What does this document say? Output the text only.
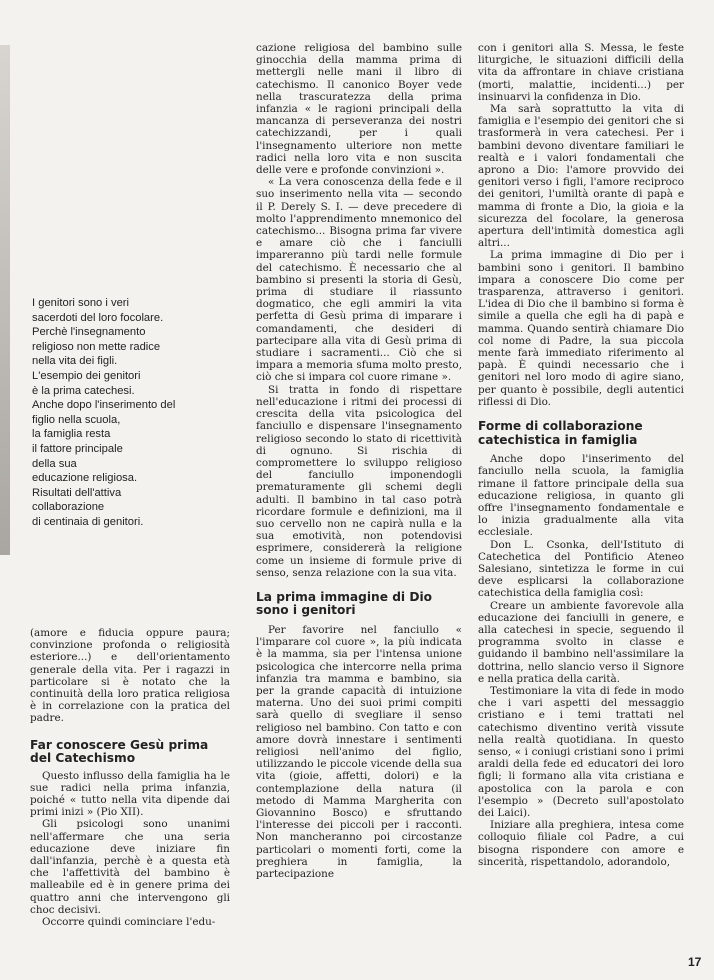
I genitori sono i veri
sacerdoti del loro focolare.
Perchè l'insegnamento
religioso non mette radice
nella vita dei figli.
L'esempio dei genitori
è la prima catechesi.
Anche dopo l'inserimento del
figlio nella scuola,
la famiglia resta
il fattore principale
della sua
educazione religiosa.
Risultati dell'attiva
collaborazione
di centinaia di genitori.

(amore e fiducia oppure paura; convinzione profonda o religiosità esteriore...) e dell'orientamento generale della vita. Per i ragazzi in particolare si è notato che la continuità della loro pratica religiosa è in correlazione con la pratica del padre.

Far conoscere Gesù prima del Catechismo

Questo influsso della famiglia ha le sue radici nella prima infanzia, poiché « tutto nella vita dipende dai primi inizi » (Pio XII).

Gli psicologi sono unanimi nell'affermare che una seria educazione deve iniziare fin dall'infanzia, perchè è a questa età che l'affettività del bambino è malleabile ed è in genere prima dei quattro anni che intervengono gli choc decisivi.

Occorre quindi cominciare l'edu-

cazione religiosa del bambino sulle ginocchia della mamma prima di mettergli nelle mani il libro di catechismo. Il canonico Boyer vede nella trascuratezza della prima infanzia « le ragioni principali della mancanza di perseveranza dei nostri catechizzandi, per i quali l'insegnamento ulteriore non mette radici nella loro vita e non suscita delle vere e profonde convinzioni ».

« La vera conoscenza della fede e il suo inserimento nella vita — secondo il P. Derely S. I. — deve precedere di molto l'apprendimento mnemonico del catechismo... Bisogna prima far vivere e amare ciò che i fanciulli impareranno più tardi nelle formule del catechismo. È necessario che al bambino si presenti la storia di Gesù, prima di studiare il riassunto dogmatico, che egli ammiri la vita perfetta di Gesù prima di imparare i comandamenti, che desideri di partecipare alla vita di Gesù prima di studiare i sacramenti... Ciò che si impara a memoria sfuma molto presto, ciò che si impara col cuore rimane ».

Si tratta in fondo di rispettare nell'educazione i ritmi dei processi di crescita della vita psicologica del fanciullo e dispensare l'insegnamento religioso secondo lo stato di ricettività di ognuno. Si rischia di compromettere lo sviluppo religioso del fanciullo imponendogli prematuramente gli schemi degli adulti. Il bambino in tal caso potrà ricordare formule e definizioni, ma il suo cervello non ne capirà nulla e la sua emotività, non potendovisi esprimere, considererà la religione come un insieme di formule prive di senso, senza relazione con la sua vita.

La prima immagine di Dio sono i genitori

Per favorire nel fanciullo « l'imparare col cuore », la più indicata è la mamma, sia per l'intensa unione psicologica che intercorre nella prima infanzia tra mamma e bambino, sia per la grande capacità di intuizione materna. Uno dei suoi primi compiti sarà quello di svegliare il senso religioso nel bambino. Con tatto e con amore dovrà innestare i sentimenti religiosi nell'animo del figlio, utilizzando le piccole vicende della sua vita (gioie, affetti, dolori) e la contemplazione della natura (il metodo di Mamma Margherita con Giovannino Bosco) e sfruttando l'interesse dei piccoli per i racconti. Non mancheranno poi circostanze particolari o momenti forti, come la preghiera in famiglia, la partecipazione

con i genitori alla S. Messa, le feste liturgiche, le situazioni difficili della vita da affrontare in chiave cristiana (morti, malattie, incidenti...) per insinuarvi la confidenza in Dio.

Ma sarà soprattutto la vita di famiglia e l'esempio dei genitori che si trasformerà in vera catechesi. Per i bambini devono diventare familiari le realtà e i valori fondamentali che aprono a Dio: l'amore provvido dei genitori verso i figli, l'amore reciproco dei genitori, l'umiltà orante di papà e mamma di fronte a Dio, la gioia e la sicurezza del focolare, la generosa apertura dell'intimità domestica agli altri...

La prima immagine di Dio per i bambini sono i genitori. Il bambino impara a conoscere Dio come per trasparenza, attraverso i genitori. L'idea di Dio che il bambino si forma è simile a quella che egli ha di papà e mamma. Quando sentirà chiamare Dio col nome di Padre, la sua piccola mente farà immediato riferimento al papà. È quindi necessario che i genitori nel loro modo di agire siano, per quanto è possibile, degli autentici riflessi di Dio.

Forme di collaborazione catechistica in famiglia

Anche dopo l'inserimento del fanciullo nella scuola, la famiglia rimane il fattore principale della sua educazione religiosa, in quanto gli offre l'insegnamento fondamentale e lo inizia gradualmente alla vita ecclesiale.

Don L. Csonka, dell'Istituto di Catechetica del Pontificio Ateneo Salesiano, sintetizza le forme in cui deve esplicarsi la collaborazione catechistica della famiglia così:

Creare un ambiente favorevole alla educazione dei fanciulli in genere, e alla catechesi in specie, seguendo il programma svolto in classe e guidando il bambino nell'assimilare la dottrina, nello slancio verso il Signore e nella pratica della carità.

Testimoniare la vita di fede in modo che i vari aspetti del messaggio cristiano e i temi trattati nel catechismo diventino verità vissute nella realtà quotidiana. In questo senso, « i coniugi cristiani sono i primi araldi della fede ed educatori dei loro figli; li formano alla vita cristiana e apostolica con la parola e con l'esempio » (Decreto sull'apostolato dei Laici).

Iniziare alla preghiera, intesa come colloquio filiale col Padre, a cui bisogna rispondere con amore e sincerità, rispettandolo, adorandolo,

17
